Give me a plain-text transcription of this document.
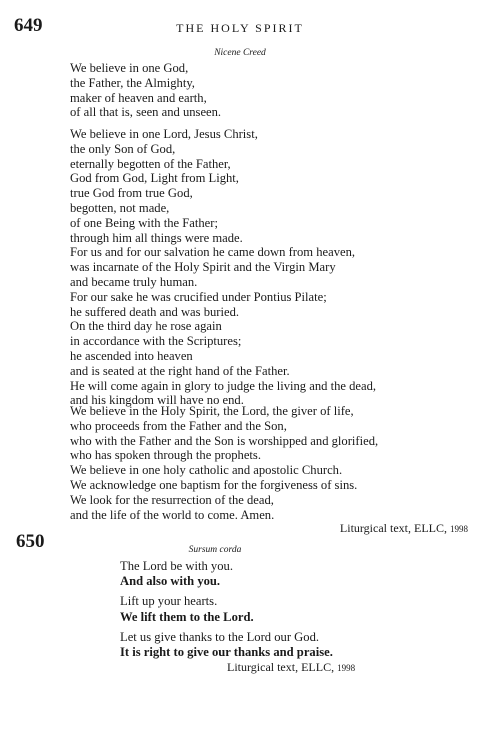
649	THE HOLY SPIRIT
Nicene Creed
We believe in one God,
the Father, the Almighty,
maker of heaven and earth,
of all that is, seen and unseen.
We believe in one Lord, Jesus Christ,
the only Son of God,
eternally begotten of the Father,
God from God, Light from Light,
true God from true God,
begotten, not made,
of one Being with the Father;
through him all things were made.
For us and for our salvation he came down from heaven,
was incarnate of the Holy Spirit and the Virgin Mary
and became truly human.
For our sake he was crucified under Pontius Pilate;
he suffered death and was buried.
On the third day he rose again
in accordance with the Scriptures;
he ascended into heaven
and is seated at the right hand of the Father.
He will come again in glory to judge the living and the dead,
and his kingdom will have no end.
We believe in the Holy Spirit, the Lord, the giver of life,
who proceeds from the Father and the Son,
who with the Father and the Son is worshipped and glorified,
who has spoken through the prophets.
We believe in one holy catholic and apostolic Church.
We acknowledge one baptism for the forgiveness of sins.
We look for the resurrection of the dead,
and the life of the world to come. Amen.
Liturgical text, ELLC, 1998
650	Sursum corda
The Lord be with you.
And also with you.
Lift up your hearts.
We lift them to the Lord.
Let us give thanks to the Lord our God.
It is right to give our thanks and praise.
Liturgical text, ELLC, 1998
